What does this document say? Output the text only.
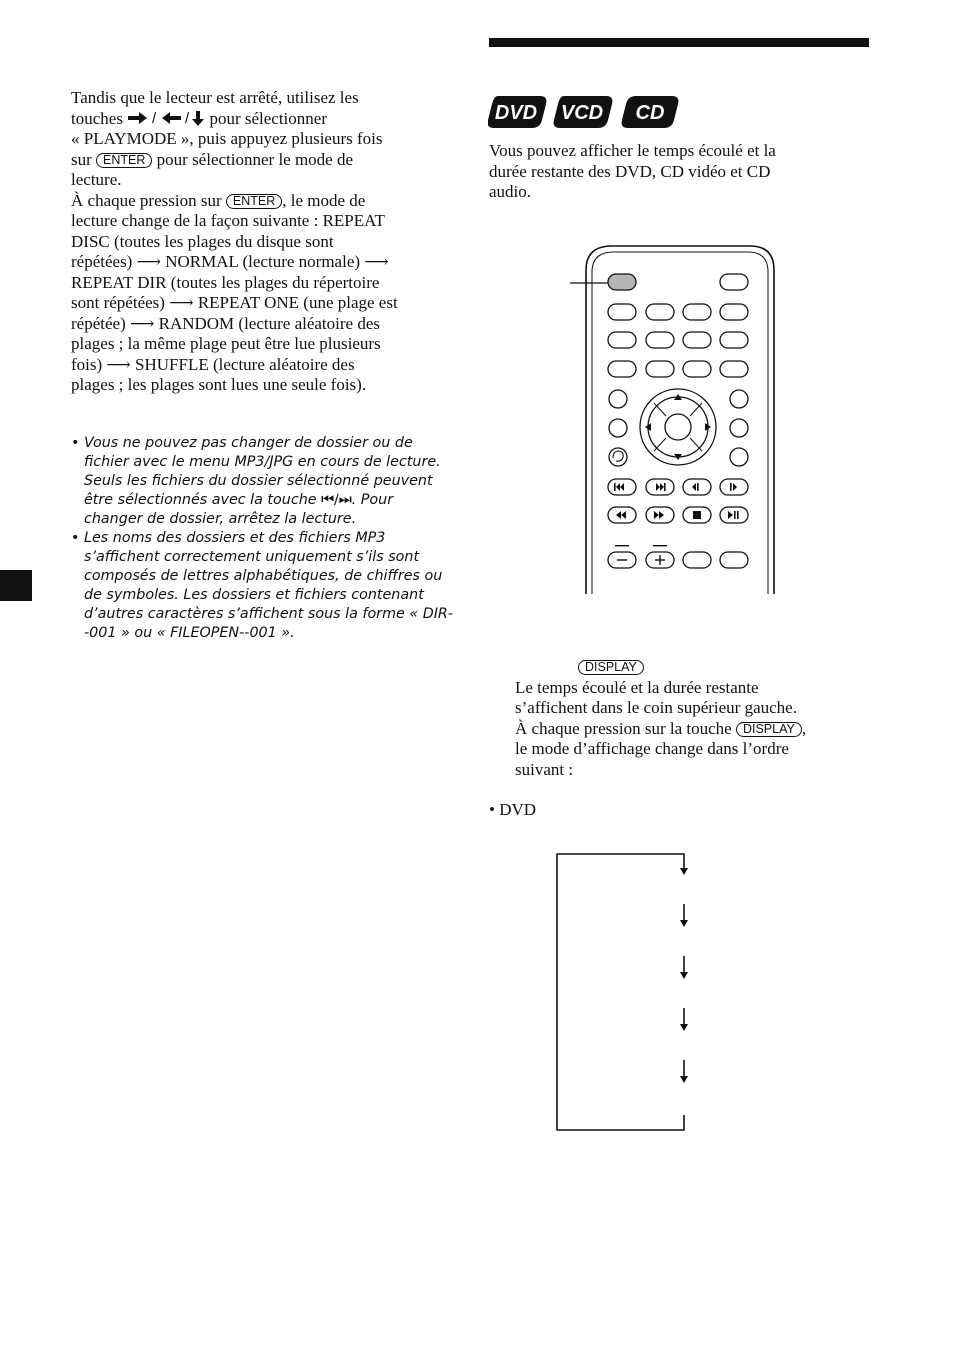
Tandis que le lecteur est arrêté, utilisez les
touches / / pour sélectionner
« PLAYMODE », puis appuyez plusieurs fois
sur ENTER pour sélectionner le mode de
lecture.
À chaque pression sur ENTER , le mode de
lecture change de la façon suivante : REPEAT
DISC (toutes les plages du disque sont
répétées) ⟶ NORMAL (lecture normale) ⟶
REPEAT DIR (toutes les plages du répertoire
sont répétées) ⟶ REPEAT ONE (une plage est
répétée) ⟶ RANDOM (lecture aléatoire des
plages ; la même plage peut être lue plusieurs
fois) ⟶ SHUFFLE (lecture aléatoire des
plages ; les plages sont lues une seule fois).
• Vous ne pouvez pas changer de dossier ou de fichier avec le menu MP3/JPG en cours de lecture. Seuls les fichiers du dossier sélectionné peuvent être sélectionnés avec la touche ⏮/⏭. Pour changer de dossier, arrêtez la lecture.
• Les noms des dossiers et des fichiers MP3 s’affichent correctement uniquement s’ils sont composés de lettres alphabétiques, de chiffres ou de symboles. Les dossiers et fichiers contenant d’autres caractères s’affichent sous la forme « DIR--001 » ou « FILEOPEN--001 ».
DVD VCD CD
Vous pouvez afficher le temps écoulé et la
durée restante des DVD, CD vidéo et CD
audio.
DISPLAY
Le temps écoulé et la durée restante
s’affichent dans le coin supérieur gauche.
À chaque pression sur la touche DISPLAY ,
le mode d’affichage change dans l’ordre
suivant :
• DVD
